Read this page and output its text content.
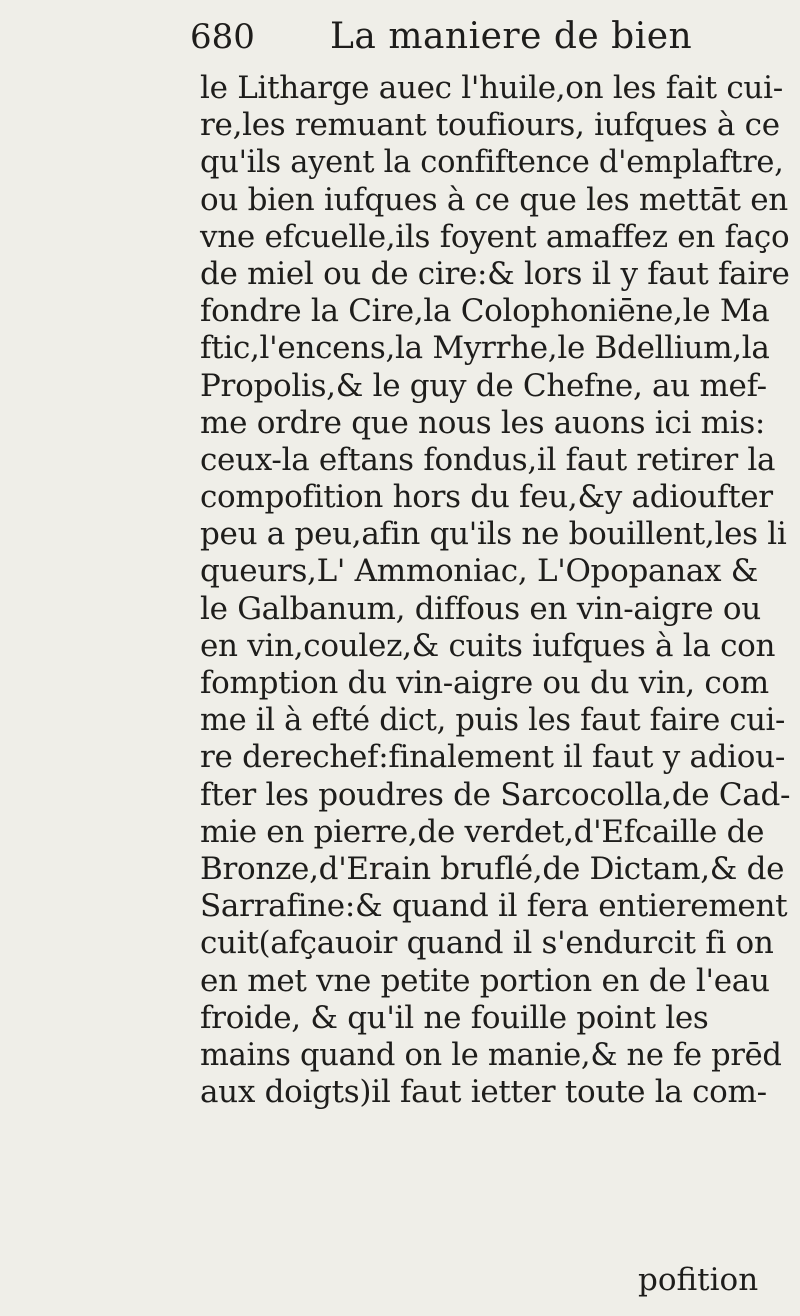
680 La maniere de bien
le Litharge auec l'huile,on les fait cui-
re,les remuant toufiours, iufques à ce
qu'ils ayent la confiftence d'emplaftre,
ou bien iufques à ce que les mettāt en
vne efcuelle,ils foyent amaffez en faço
de miel ou de cire:& lors il y faut faire
fondre la Cire,la Colophoniēne,le Ma
ftic,l'encens,la Myrrhe,le Bdellium,la
Propolis,& le guy de Chefne, au mef-
me ordre que nous les auons ici mis:
ceux-la eftans fondus,il faut retirer la
compofition hors du feu,&y adioufter
peu a peu,afin qu'ils ne bouillent,les li
queurs,L' Ammoniac, L'Opopanax &
le Galbanum, diffous en vin-aigre ou
en vin,coulez,& cuits iufques à la con
fomption du vin-aigre ou du vin, com
me il à efté dict, puis les faut faire cui-
re derechef:finalement il faut y adiou-
fter les poudres de Sarcocolla,de Cad-
mie en pierre,de verdet,d'Efcaille de
Bronze,d'Erain bruflé,de Dictam,& de
Sarrafine:& quand il fera entierement
cuit(afçauoir quand il s'endurcit fi on
en met vne petite portion en de l'eau
froide, & qu'il ne fouille point les
mains quand on le manie,& ne fe prēd
aux doigts)il faut ietter toute la com-
pofition
